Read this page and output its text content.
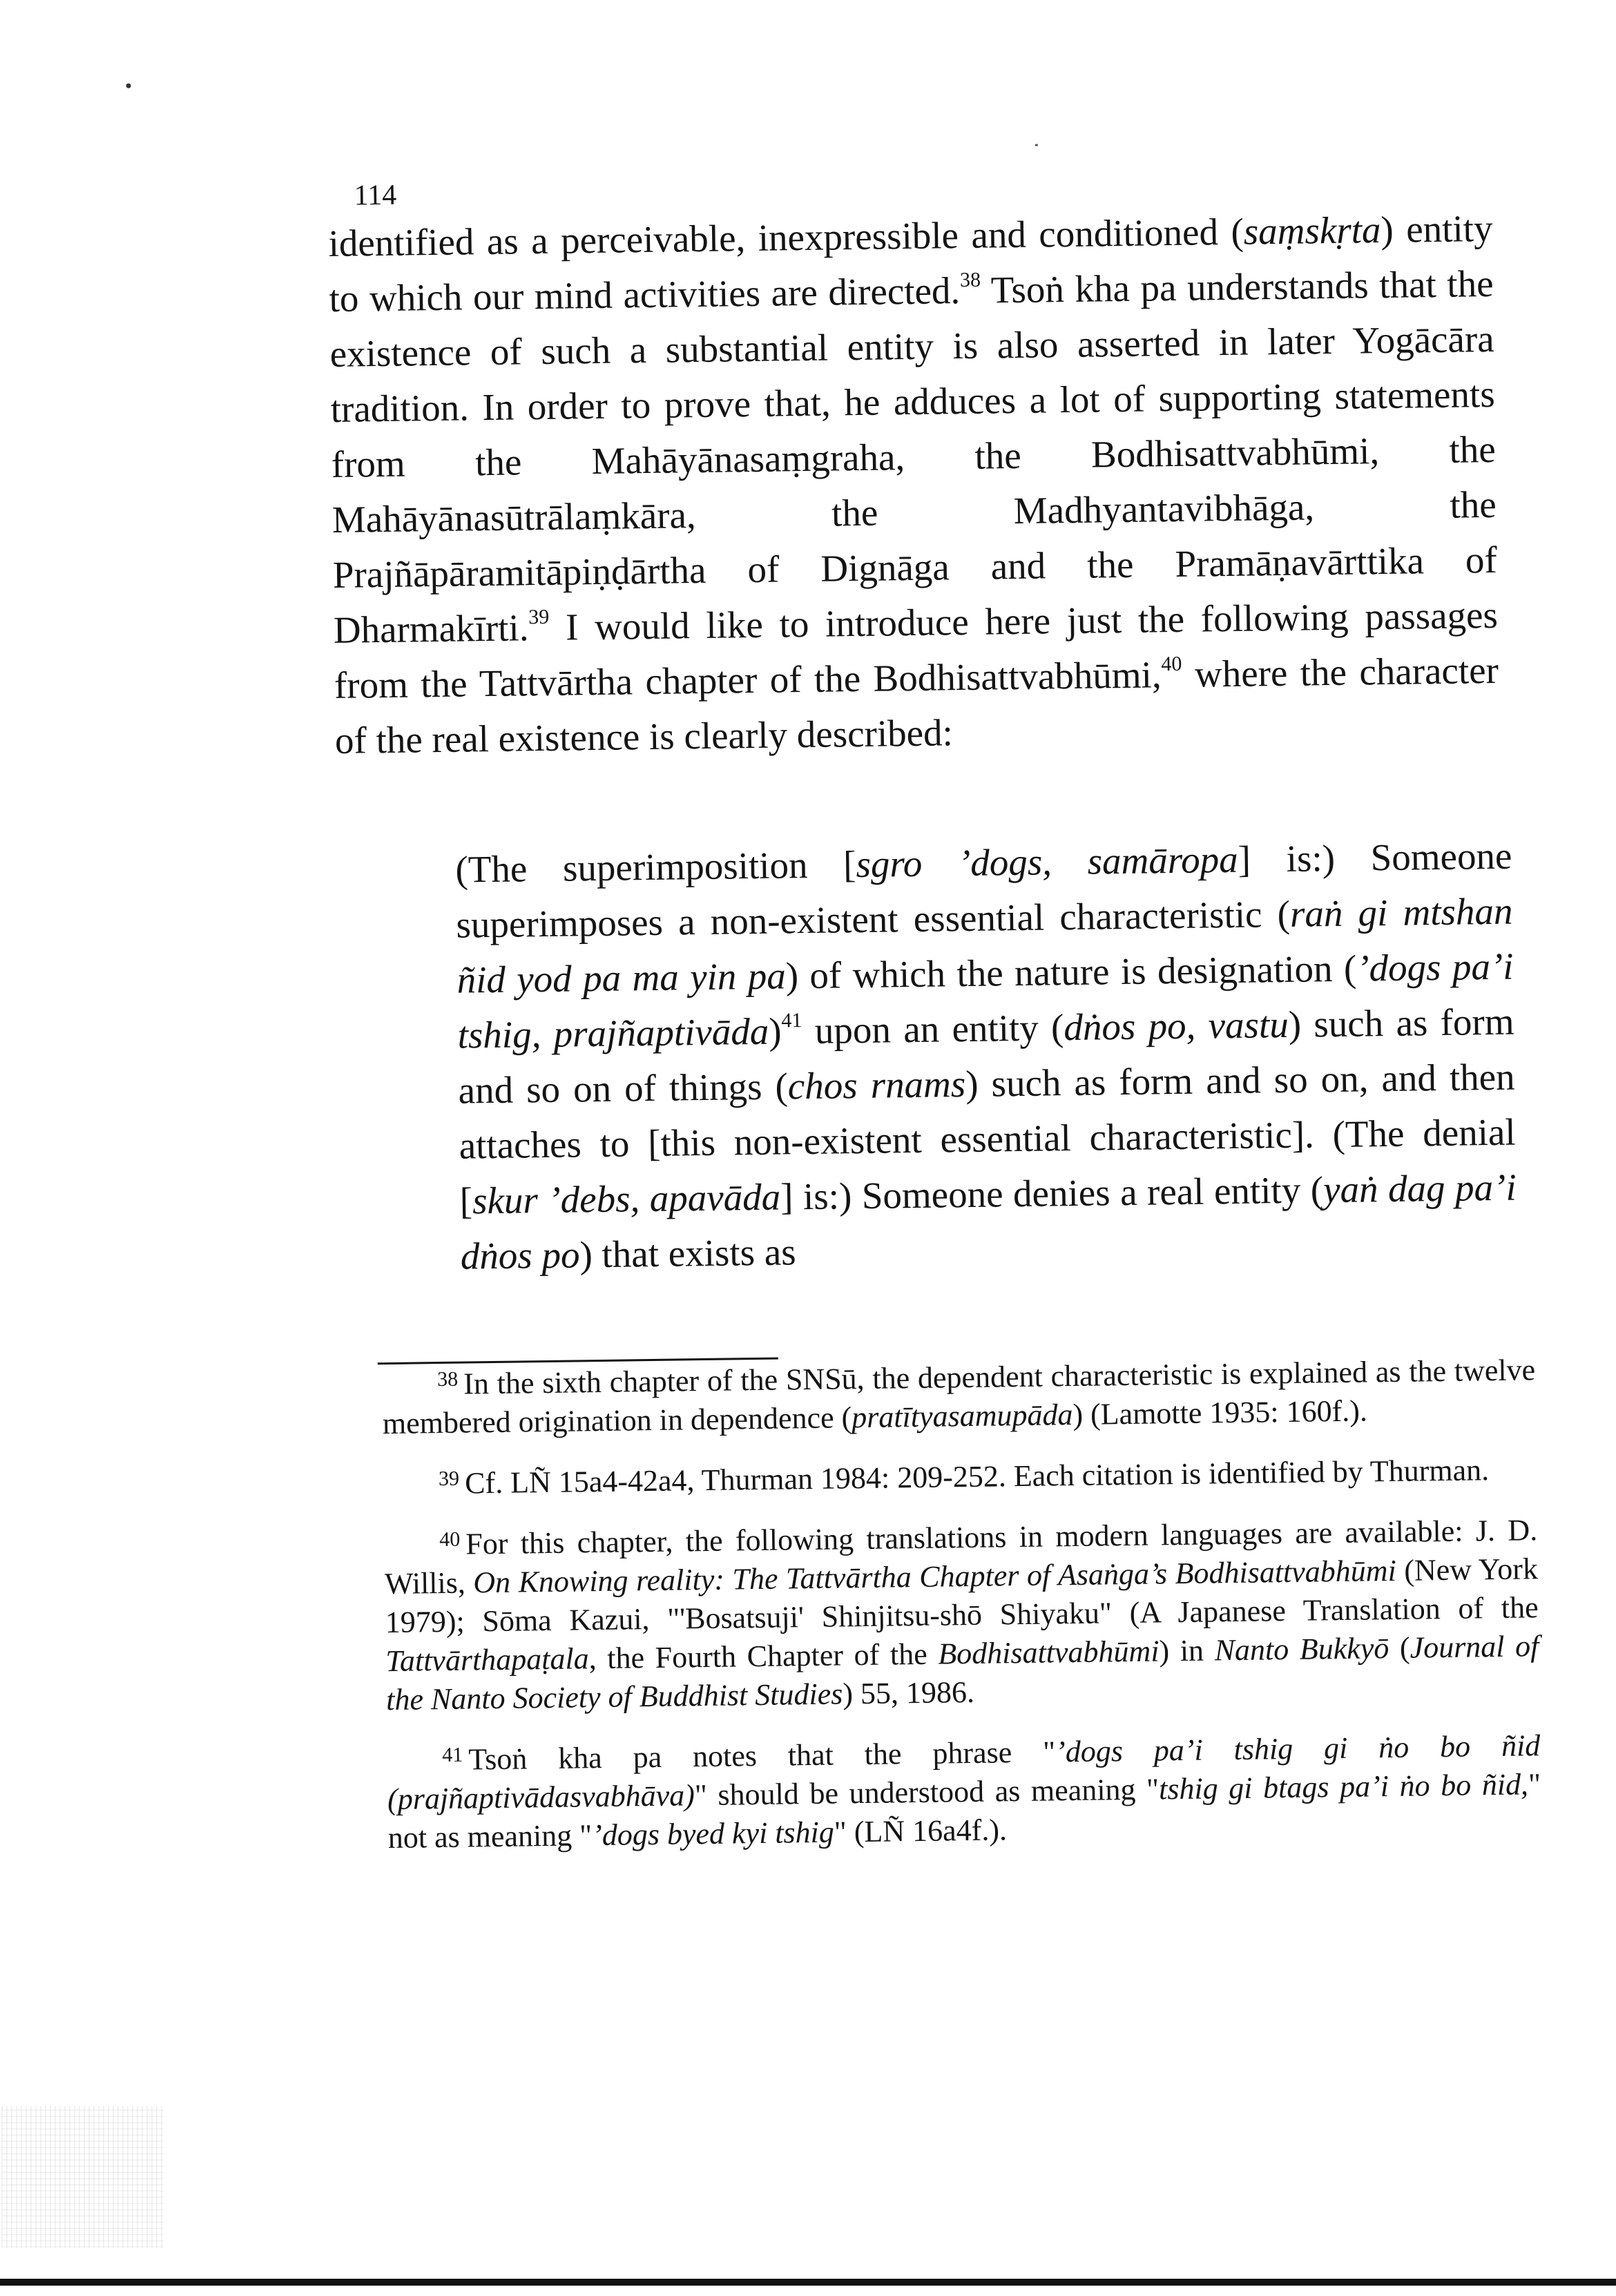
114

identified as a perceivable, inexpressible and conditioned (saṃskṛta) entity to which our mind activities are directed.$^{38}$ Tsoṅ kha pa understands that the existence of such a substantial entity is also asserted in later Yogācāra tradition. In order to prove that, he adduces a lot of supporting statements from the Mahāyānasaṃgraha, the Bodhisattvabhūmi, the Mahāyānasūtrālaṃkāra, the Madhyantavibhāga, the Prajñāpāramitāpiṇḍārtha of Dignāga and the Pramāṇavārttika of Dharmakīrti.$^{39}$ I would like to introduce here just the following passages from the Tattvārtha chapter of the Bodhisattvabhūmi,$^{40}$ where the character of the real existence is clearly described:

(The superimposition [sgro ’dogs, samāropa] is:) Someone superimposes a non-existent essential characteristic (raṅ gi mtshan ñid yod pa ma yin pa) of which the nature is designation (’dogs pa’i tshig, prajñaptivāda)$^{41}$ upon an entity (dṅos po, vastu) such as form and so on of things (chos rnams) such as form and so on, and then attaches to [this non-existent essential characteristic]. (The denial [skur ’debs, apavāda] is:) Someone denies a real entity (yaṅ dag pa’i dṅos po) that exists as

$^{38}$ In the sixth chapter of the SNSū, the dependent characteristic is explained as the twelve membered origination in dependence (pratītyasamupāda) (Lamotte 1935: 160f.).

$^{39}$ Cf. LÑ 15a4-42a4, Thurman 1984: 209-252. Each citation is identified by Thurman.

$^{40}$ For this chapter, the following translations in modern languages are available: J. D. Willis, On Knowing reality: The Tattvārtha Chapter of Asaṅga’s Bodhisattvabhūmi (New York 1979); Sōma Kazui, "'Bosatsuji' Shinjitsu-shō Shiyaku" (A Japanese Translation of the Tattvārthapaṭala, the Fourth Chapter of the Bodhisattvabhūmi) in Nanto Bukkyō (Journal of the Nanto Society of Buddhist Studies) 55, 1986.

$^{41}$ Tsoṅ kha pa notes that the phrase "’dogs pa’i tshig gi ṅo bo ñid (prajñaptivādasvabhāva)" should be understood as meaning "tshig gi btags pa’i ṅo bo ñid," not as meaning "’dogs byed kyi tshig" (LÑ 16a4f.).
